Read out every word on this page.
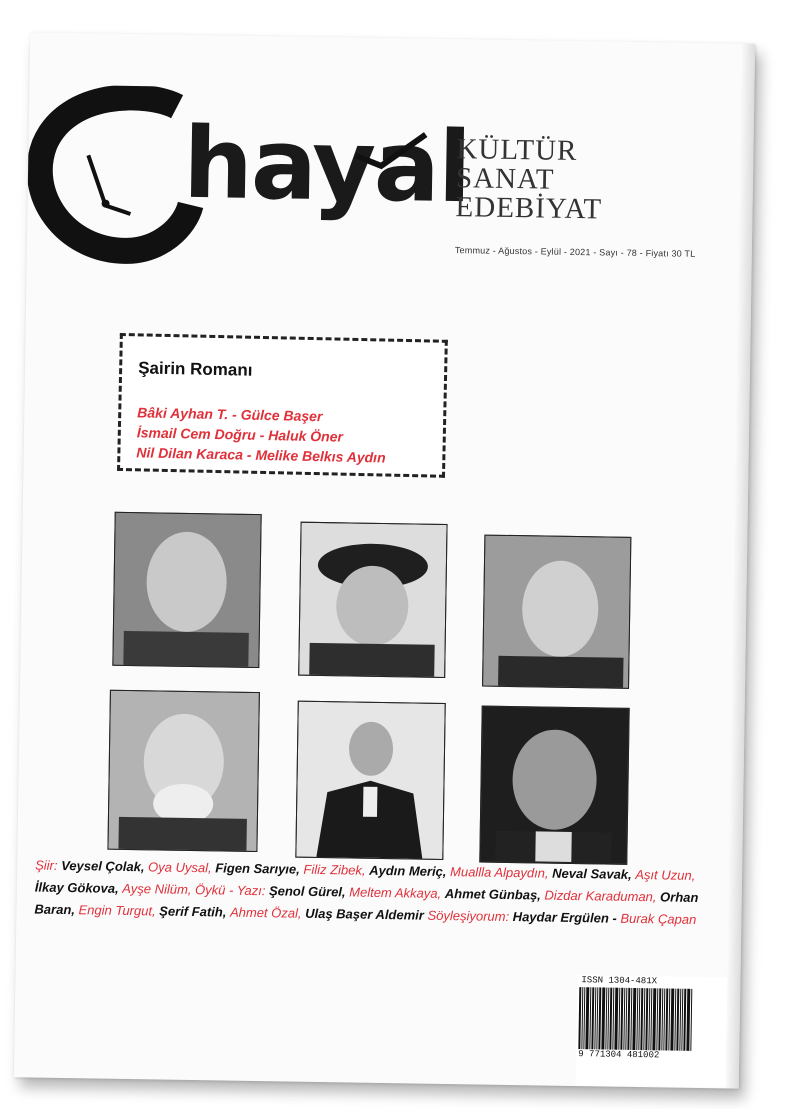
hayal
KÜLTÜR
SANAT
EDEBİYAT
Temmuz - Ağustos - Eylül - 2021 - Sayı - 78 - Fiyatı 30 TL
Şairin Romanı
Bâki Ayhan T. - Gülce Başer
İsmail Cem Doğru - Haluk Öner
Nil Dilan Karaca - Melike Belkıs Aydın
Şiir: Veysel Çolak, Oya Uysal, Figen Sarıyıe, Filiz Zibek, Aydın Meriç, Muallla Alpaydın, Neval Savak, Aşıt Uzun, İlkay Gökova, Ayşe Nilüm, Öykü - Yazı: Şenol Gürel, Meltem Akkaya, Ahmet Günbaş, Dizdar Karaduman, Orhan Baran, Engin Turgut, Şerif Fatih, Ahmet Özal, Ulaş Başer Aldemir Söyleşiyorum: Haydar Ergülen - Burak Çapan
ISSN 1304-481X
9 771304 481002
